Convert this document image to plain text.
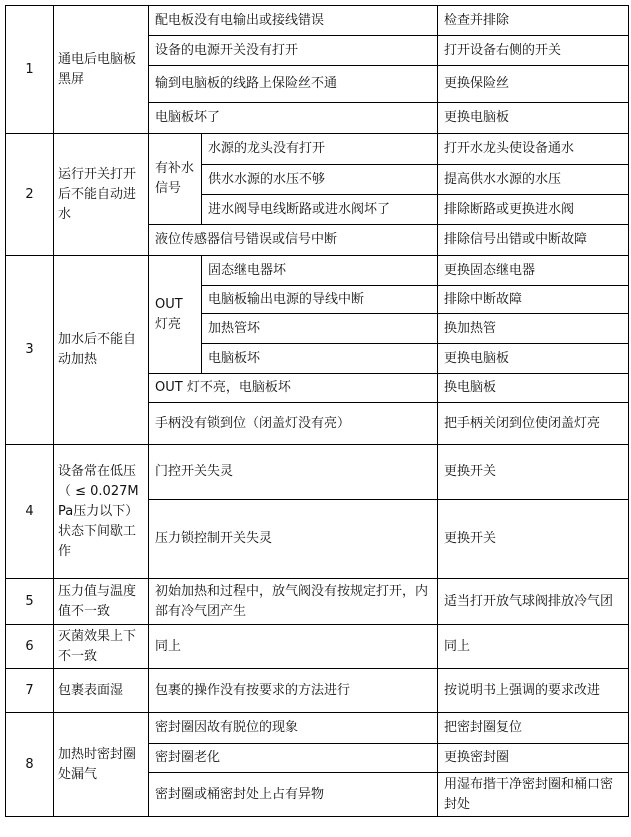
1	通电后电脑板黑屏	配电板没有电输出或接线错误		检查并排除
		设备的电源开关没有打开		打开设备右侧的开关
		输到电脑板的线路上保险丝不通		更换保险丝
		电脑板坏了		更换电脑板
2	运行开关打开后不能自动进水	有补水信号	水源的龙头没有打开	打开水龙头使设备通水
			供水水源的水压不够	提高供水水源的水压
			进水阀导电线断路或进水阀坏了	排除断路或更换进水阀
		液位传感器信号错误或信号中断		排除信号出错或中断故障
3	加水后不能自动加热	OUT灯亮	固态继电器坏	更换固态继电器
			电脑板输出电源的导线中断	排除中断故障
			加热管坏	换加热管
			电脑板坏	更换电脑板
		OUT 灯不亮，电脑板坏		换电脑板
		手柄没有锁到位（闭盖灯没有亮）		把手柄关闭到位使闭盖灯亮
4	设备常在低压 （ ≤ 0.027MPa压力以下）状态下间歇工作	门控开关失灵		更换开关
		压力锁控制开关失灵		更换开关
5	压力值与温度值不一致	初始加热和过程中，放气阀没有按规定打开，内部有冷气团产生		适当打开放气球阀排放冷气团
6	灭菌效果上下不一致	同上		同上
7	包裹表面湿	包裹的操作没有按要求的方法进行		按说明书上强调的要求改进
8	加热时密封圈处漏气	密封圈因故有脱位的现象		把密封圈复位
		密封圈老化		更换密封圈
		密封圈或桶密封处上占有异物		用湿布揩干净密封圈和桶口密封处
